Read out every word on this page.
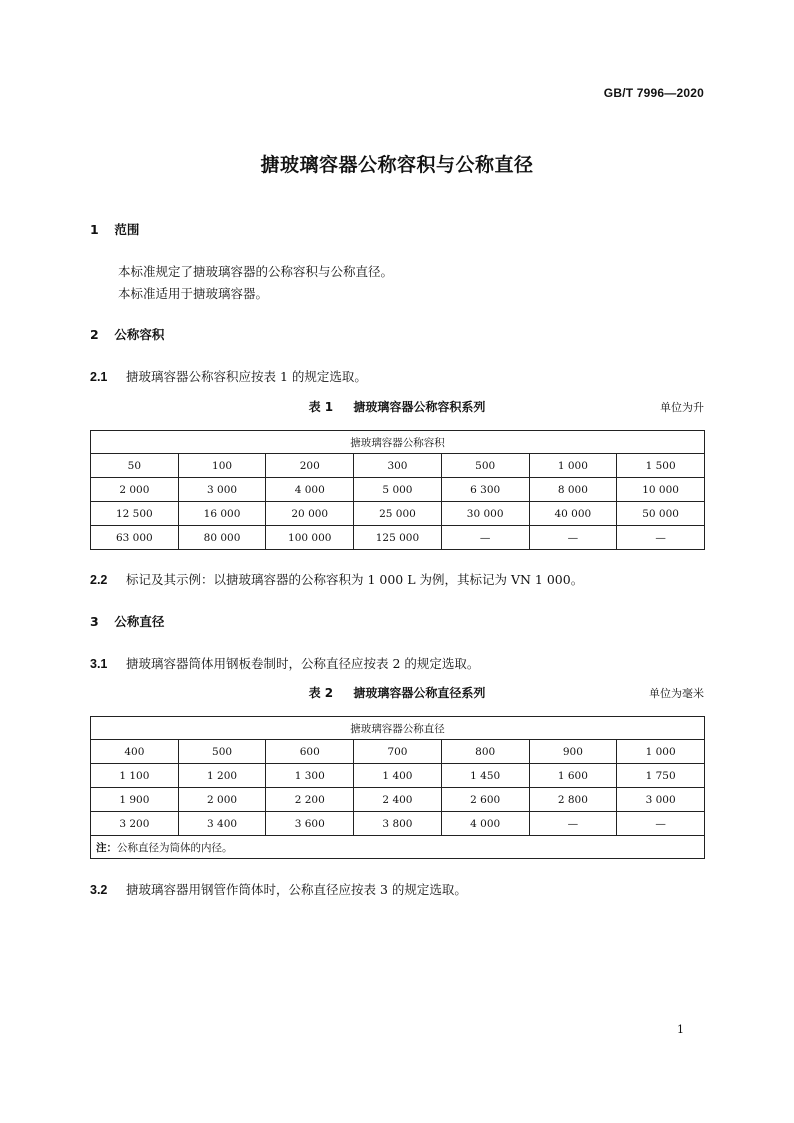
GB/T 7996—2020
搪玻璃容器公称容积与公称直径
1 范围
本标准规定了搪玻璃容器的公称容积与公称直径。
本标准适用于搪玻璃容器。
2 公称容积
2.1 搪玻璃容器公称容积应按表 1 的规定选取。
表 1 搪玻璃容器公称容积系列	单位为升
搪玻璃容器公称容积						
50	100	200	300	500	1 000	1 500
2 000	3 000	4 000	5 000	6 300	8 000	10 000
12 500	16 000	20 000	25 000	30 000	40 000	50 000
63 000	80 000	100 000	125 000	—	—	—
2.2 标记及其示例：以搪玻璃容器的公称容积为 1 000 L 为例，其标记为 VN 1 000。
3 公称直径
3.1 搪玻璃容器筒体用钢板卷制时，公称直径应按表 2 的规定选取。
表 2 搪玻璃容器公称直径系列	单位为毫米
搪玻璃容器公称直径						
400	500	600	700	800	900	1 000
1 100	1 200	1 300	1 400	1 450	1 600	1 750
1 900	2 000	2 200	2 400	2 600	2 800	3 000
3 200	3 400	3 600	3 800	4 000	—	—
注：公称直径为筒体的内径。						
3.2 搪玻璃容器用钢管作筒体时，公称直径应按表 3 的规定选取。
1
